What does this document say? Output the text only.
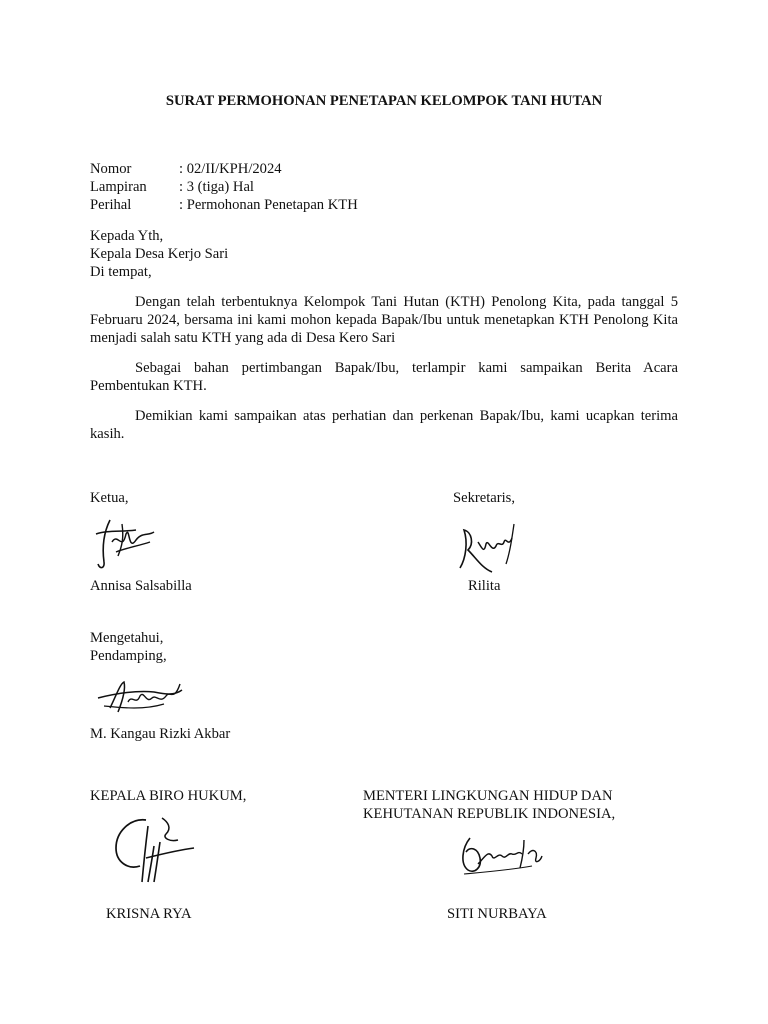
SURAT PERMOHONAN PENETAPAN KELOMPOK TANI HUTAN
Nomor	: 02/II/KPH/2024
Lampiran : 3 (tiga) Hal
Perihal	: Permohonan Penetapan KTH
Kepada Yth,
Kepala Desa Kerjo Sari
Di tempat,
Dengan telah terbentuknya Kelompok Tani Hutan (KTH) Penolong Kita, pada tanggal 5 Februaru 2024, bersama ini kami mohon kepada Bapak/Ibu untuk menetapkan KTH Penolong Kita menjadi salah satu KTH yang ada di Desa Kero Sari
Sebagai bahan pertimbangan Bapak/Ibu, terlampir kami sampaikan Berita Acara Pembentukan KTH.
Demikian kami sampaikan atas perhatian dan perkenan Bapak/Ibu, kami ucapkan terima kasih.
Ketua,
Annisa Salsabilla
Sekretaris,
Rilita
Mengetahui,
Pendamping,
M. Kangau Rizki Akbar
KEPALA BIRO HUKUM,
KRISNA RYA
MENTERI LINGKUNGAN HIDUP DAN
KEHUTANAN REPUBLIK INDONESIA,
SITI NURBAYA
